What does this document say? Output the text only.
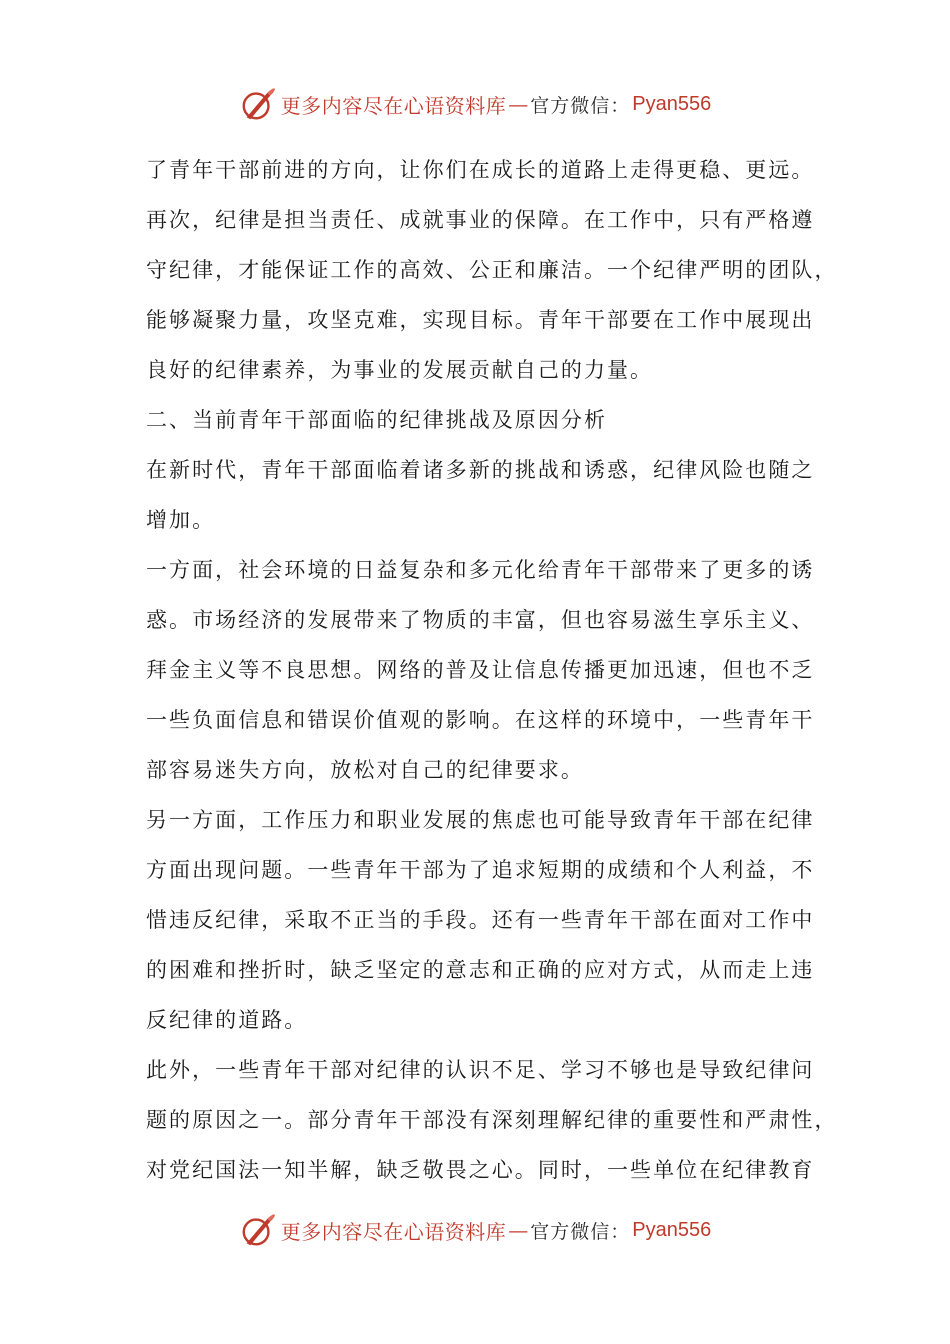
更多内容尽在心语资料库 — 官方微信： Pyan556
了青年干部前进的方向，让你们在成长的道路上走得更稳、更远。
再次，纪律是担当责任、成就事业的保障。在工作中，只有严格遵
守纪律，才能保证工作的高效、公正和廉洁。一个纪律严明的团队，
能够凝聚力量，攻坚克难，实现目标。青年干部要在工作中展现出
良好的纪律素养，为事业的发展贡献自己的力量。
二、当前青年干部面临的纪律挑战及原因分析
在新时代，青年干部面临着诸多新的挑战和诱惑，纪律风险也随之
增加。
一方面，社会环境的日益复杂和多元化给青年干部带来了更多的诱
惑。市场经济的发展带来了物质的丰富，但也容易滋生享乐主义、
拜金主义等不良思想。网络的普及让信息传播更加迅速，但也不乏
一些负面信息和错误价值观的影响。在这样的环境中，一些青年干
部容易迷失方向，放松对自己的纪律要求。
另一方面，工作压力和职业发展的焦虑也可能导致青年干部在纪律
方面出现问题。一些青年干部为了追求短期的成绩和个人利益，不
惜违反纪律，采取不正当的手段。还有一些青年干部在面对工作中
的困难和挫折时，缺乏坚定的意志和正确的应对方式，从而走上违
反纪律的道路。
此外，一些青年干部对纪律的认识不足、学习不够也是导致纪律问
题的原因之一。部分青年干部没有深刻理解纪律的重要性和严肃性，
对党纪国法一知半解，缺乏敬畏之心。同时，一些单位在纪律教育
更多内容尽在心语资料库 — 官方微信： Pyan556
